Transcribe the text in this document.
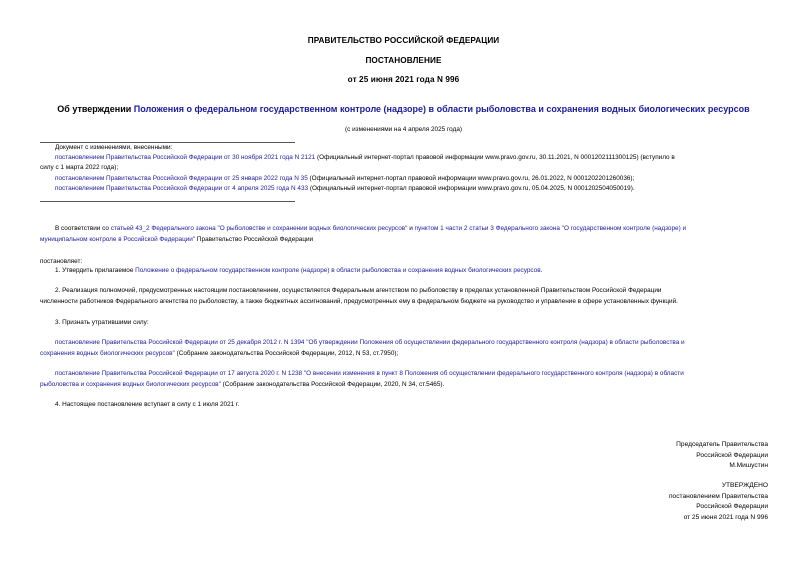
ПРАВИТЕЛЬСТВО РОССИЙСКОЙ ФЕДЕРАЦИИ
ПОСТАНОВЛЕНИЕ
от 25 июня 2021 года N 996
Об утверждении Положения о федеральном государственном контроле (надзоре) в области рыболовства и сохранения водных биологических ресурсов
(с изменениями на 4 апреля 2025 года)
Документ с изменениями, внесенными:
постановлением Правительства Российской Федерации от 30 ноября 2021 года N 2121 (Официальный интернет-портал правовой информации www.pravo.gov.ru, 30.11.2021, N 0001202111300125) (вступило в
силу с 1 марта 2022 года);
постановлением Правительства Российской Федерации от 25 января 2022 года N 35 (Официальный интернет-портал правовой информации www.pravo.gov.ru, 26.01.2022, N 0001202201260036);
постановлением Правительства Российской Федерации от 4 апреля 2025 года N 433 (Официальный интернет-портал правовой информации www.pravo.gov.ru, 05.04.2025, N 0001202504050019).
В соответствии со статьей 43_2 Федерального закона "О рыболовстве и сохранении водных биологических ресурсов" и пунктом 1 части 2 статьи 3 Федерального закона "О государственном контроле (надзоре) и
муниципальном контроле в Российской Федерации" Правительство Российской Федерации
постановляет:
1. Утвердить прилагаемое Положение о федеральном государственном контроле (надзоре) в области рыболовства и сохранения водных биологических ресурсов.
2. Реализация полномочий, предусмотренных настоящим постановлением, осуществляется Федеральным агентством по рыболовству в пределах установленной Правительством Российской Федерации
численности работников Федерального агентства по рыболовству, а также бюджетных ассигнований, предусмотренных ему в федеральном бюджете на руководство и управление в сфере установленных функций.
3. Признать утратившими силу:
постановление Правительства Российской Федерации от 25 декабря 2012 г. N 1394 "Об утверждении Положения об осуществлении федерального государственного контроля (надзора) в области рыболовства и
сохранения водных биологических ресурсов" (Собрание законодательства Российской Федерации, 2012, N 53, ст.7950);
постановление Правительства Российской Федерации от 17 августа 2020 г. N 1238 "О внесении изменения в пункт 8 Положения об осуществлении федерального государственного контроля (надзора) в области
рыболовства и сохранения водных биологических ресурсов" (Собрание законодательства Российской Федерации, 2020, N 34, ст.5465).
4. Настоящее постановление вступает в силу с 1 июля 2021 г.
Председатель Правительства
Российской Федерации
М.Мишустин
УТВЕРЖДЕНО
постановлением Правительства
Российской Федерации
от 25 июня 2021 года N 996
